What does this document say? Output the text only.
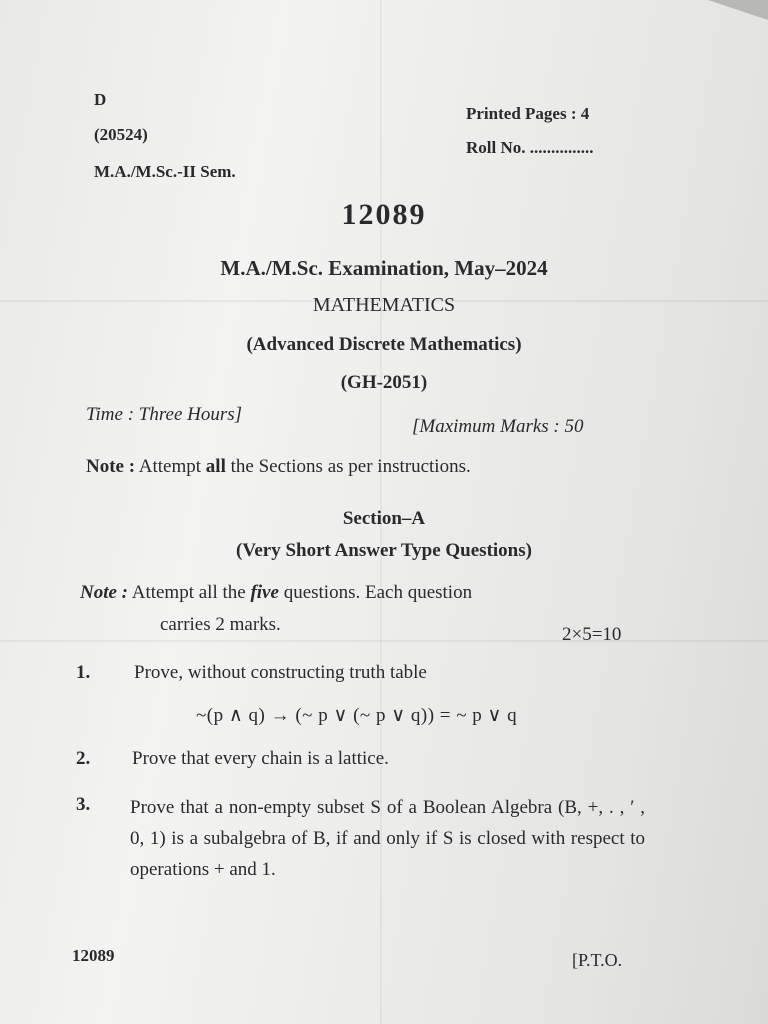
D
(20524)
M.A./M.Sc.-II Sem.
Printed Pages : 4
Roll No. ...............
12089
M.A./M.Sc. Examination, May–2024
MATHEMATICS
(Advanced Discrete Mathematics)
(GH-2051)
Time : Three Hours]
[Maximum Marks : 50
Note : Attempt all the Sections as per instructions.
Section–A
(Very Short Answer Type Questions)
Note : Attempt all the five questions. Each question
carries 2 marks.	2×5=10
1. Prove, without constructing truth table
~(p ∧ q) → (~ p ∨ (~ p ∨ q)) = ~ p ∨ q
2. Prove that every chain is a lattice.
3. Prove that a non-empty subset S of a Boolean Algebra (B, +, . , ′ , 0, 1) is a subalgebra of B, if and only if S is closed with respect to operations + and 1.
12089	[P.T.O.
